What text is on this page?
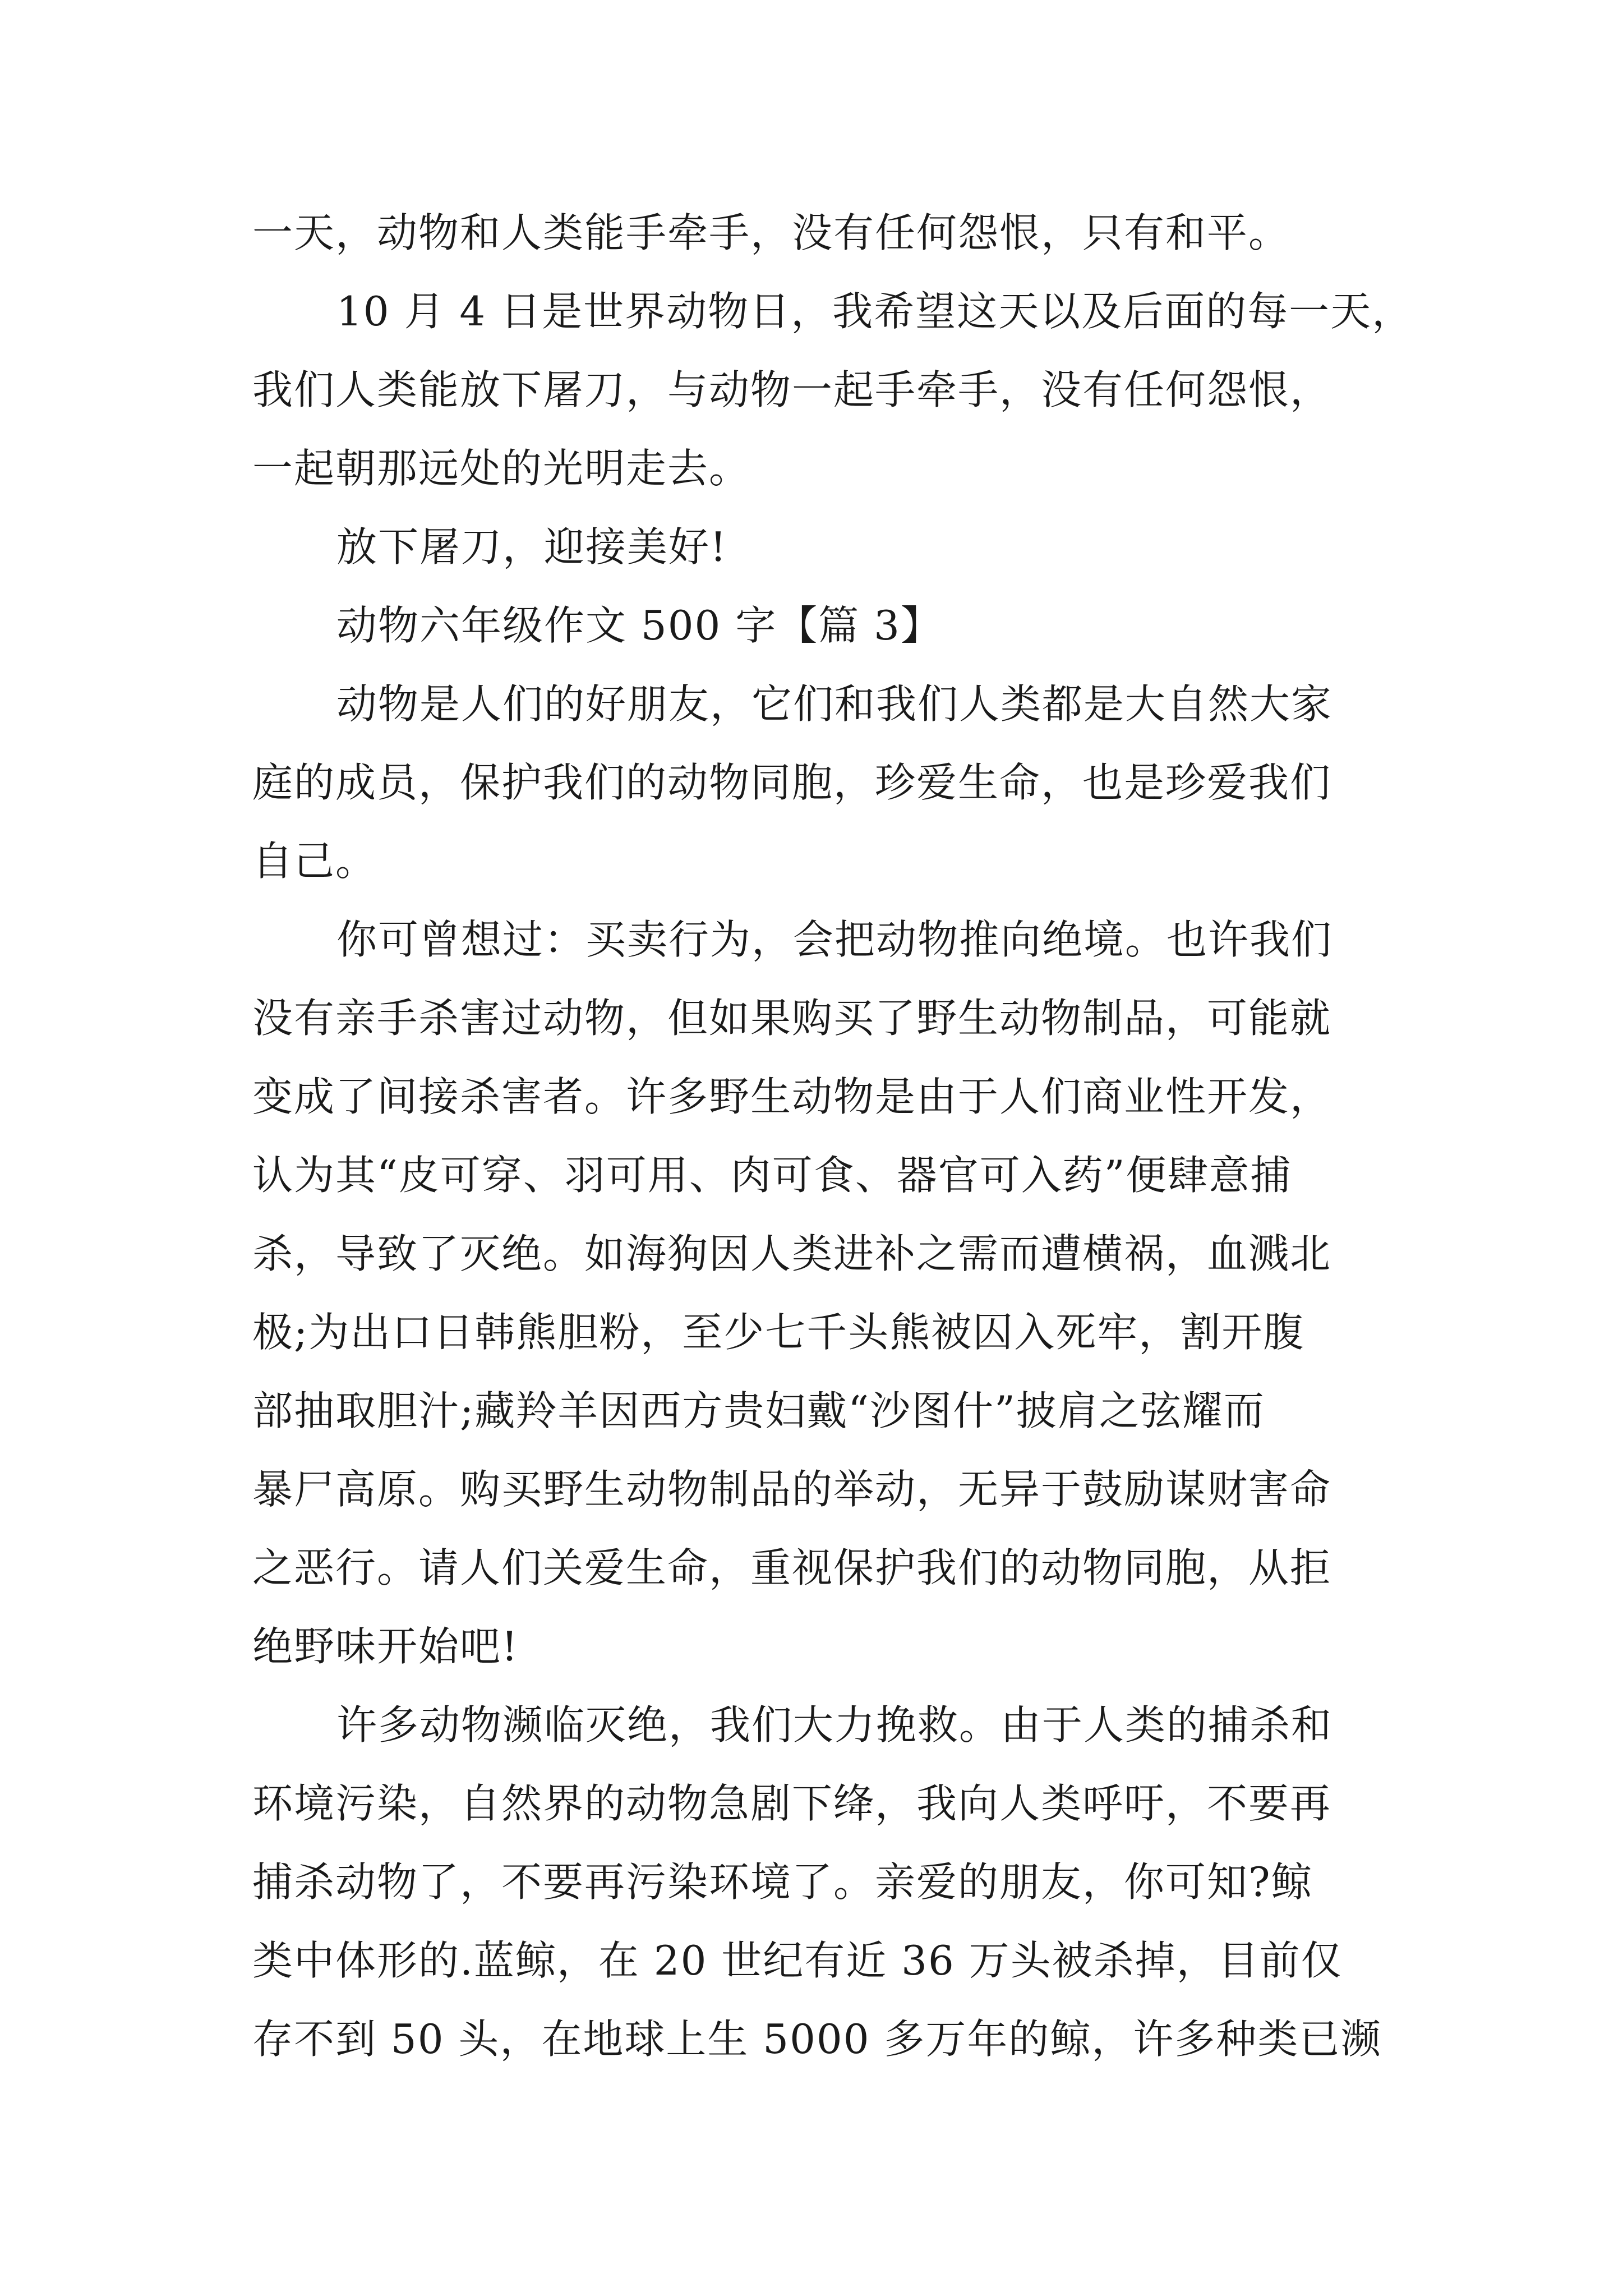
一天，动物和人类能手牵手，没有任何怨恨，只有和平。
10 月 4 日是世界动物日，我希望这天以及后面的每一天，
我们人类能放下屠刀，与动物一起手牵手，没有任何怨恨，
一起朝那远处的光明走去。
放下屠刀，迎接美好!
动物六年级作文 500 字【篇 3】
动物是人们的好朋友，它们和我们人类都是大自然大家
庭的成员，保护我们的动物同胞，珍爱生命，也是珍爱我们
自己。
你可曾想过：买卖行为，会把动物推向绝境。也许我们
没有亲手杀害过动物，但如果购买了野生动物制品，可能就
变成了间接杀害者。许多野生动物是由于人们商业性开发，
认为其“皮可穿、羽可用、肉可食、器官可入药”便肆意捕
杀，导致了灭绝。如海狗因人类进补之需而遭横祸，血溅北
极;为出口日韩熊胆粉，至少七千头熊被囚入死牢，割开腹
部抽取胆汁;藏羚羊因西方贵妇戴“沙图什”披肩之弦耀而
暴尸高原。购买野生动物制品的举动，无异于鼓励谋财害命
之恶行。请人们关爱生命，重视保护我们的动物同胞，从拒
绝野味开始吧!
许多动物濒临灭绝，我们大力挽救。由于人类的捕杀和
环境污染，自然界的动物急剧下绛，我向人类呼吁，不要再
捕杀动物了，不要再污染环境了。亲爱的朋友，你可知?鲸
类中体形的.蓝鲸，在 20 世纪有近 36 万头被杀掉，目前仅
存不到 50 头，在地球上生 5000 多万年的鲸，许多种类已濒
